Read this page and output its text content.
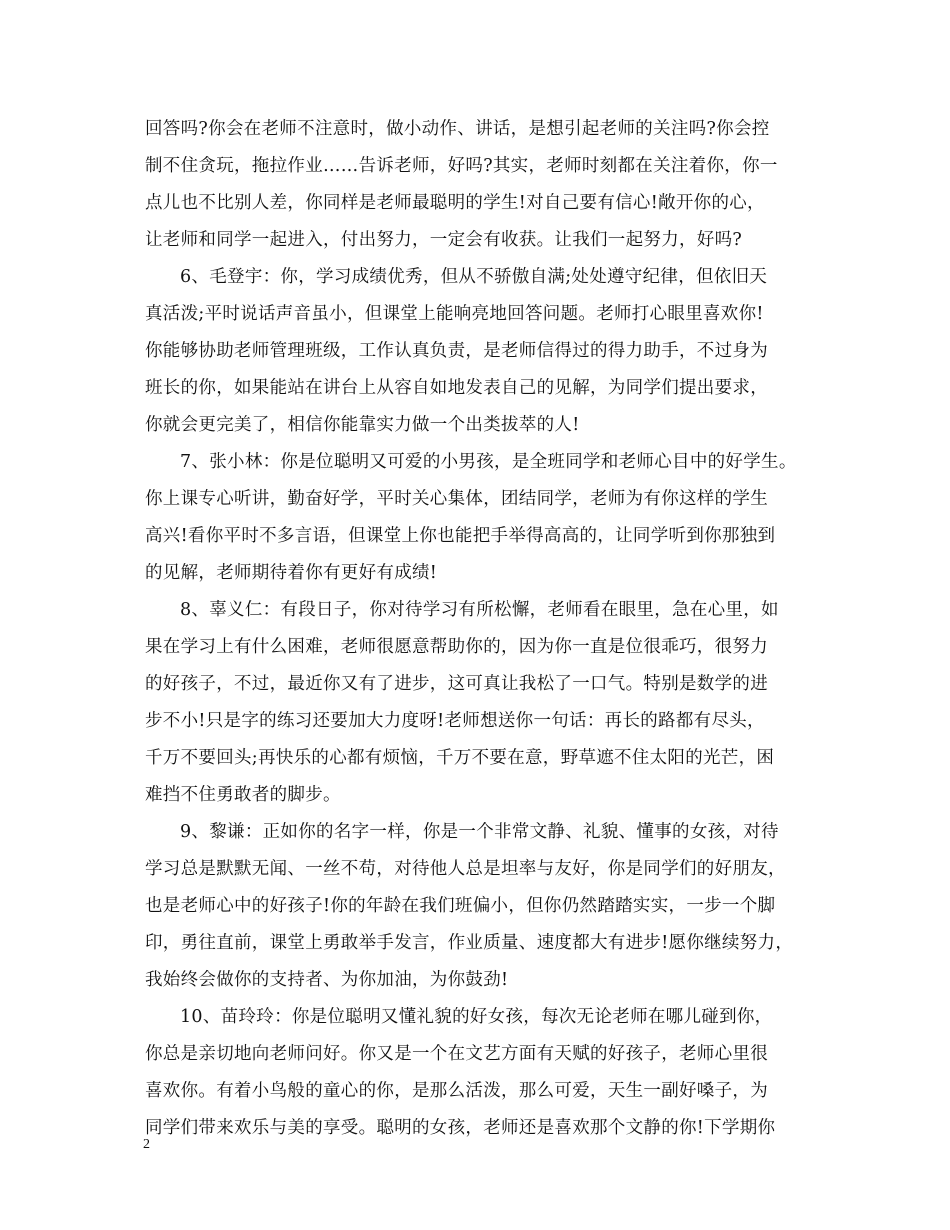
回答吗?你会在老师不注意时，做小动作、讲话，是想引起老师的关注吗?你会控
制不住贪玩，拖拉作业……告诉老师，好吗?其实，老师时刻都在关注着你，你一
点儿也不比别人差，你同样是老师最聪明的学生!对自己要有信心!敞开你的心，
让老师和同学一起进入，付出努力，一定会有收获。让我们一起努力，好吗?
6、毛登宇：你，学习成绩优秀，但从不骄傲自满;处处遵守纪律，但依旧天
真活泼;平时说话声音虽小，但课堂上能响亮地回答问题。老师打心眼里喜欢你!
你能够协助老师管理班级，工作认真负责，是老师信得过的得力助手，不过身为
班长的你，如果能站在讲台上从容自如地发表自己的见解，为同学们提出要求，
你就会更完美了，相信你能靠实力做一个出类拔萃的人!
7、张小林：你是位聪明又可爱的小男孩，是全班同学和老师心目中的好学生。
你上课专心听讲，勤奋好学，平时关心集体，团结同学，老师为有你这样的学生
高兴!看你平时不多言语，但课堂上你也能把手举得高高的，让同学听到你那独到
的见解，老师期待着你有更好有成绩!
8、辜义仁：有段日子，你对待学习有所松懈，老师看在眼里，急在心里，如
果在学习上有什么困难，老师很愿意帮助你的，因为你一直是位很乖巧，很努力
的好孩子，不过，最近你又有了进步，这可真让我松了一口气。特别是数学的进
步不小!只是字的练习还要加大力度呀!老师想送你一句话：再长的路都有尽头，
千万不要回头;再快乐的心都有烦恼，千万不要在意，野草遮不住太阳的光芒，困
难挡不住勇敢者的脚步。
9、黎谦：正如你的名字一样，你是一个非常文静、礼貌、懂事的女孩，对待
学习总是默默无闻、一丝不苟，对待他人总是坦率与友好，你是同学们的好朋友，
也是老师心中的好孩子!你的年龄在我们班偏小，但你仍然踏踏实实，一步一个脚
印，勇往直前，课堂上勇敢举手发言，作业质量、速度都大有进步!愿你继续努力，
我始终会做你的支持者、为你加油，为你鼓劲!
10、苗玲玲：你是位聪明又懂礼貌的好女孩，每次无论老师在哪儿碰到你，
你总是亲切地向老师问好。你又是一个在文艺方面有天赋的好孩子，老师心里很
喜欢你。有着小鸟般的童心的你，是那么活泼，那么可爱，天生一副好嗓子，为
同学们带来欢乐与美的享受。聪明的女孩，老师还是喜欢那个文静的你!下学期你
2
